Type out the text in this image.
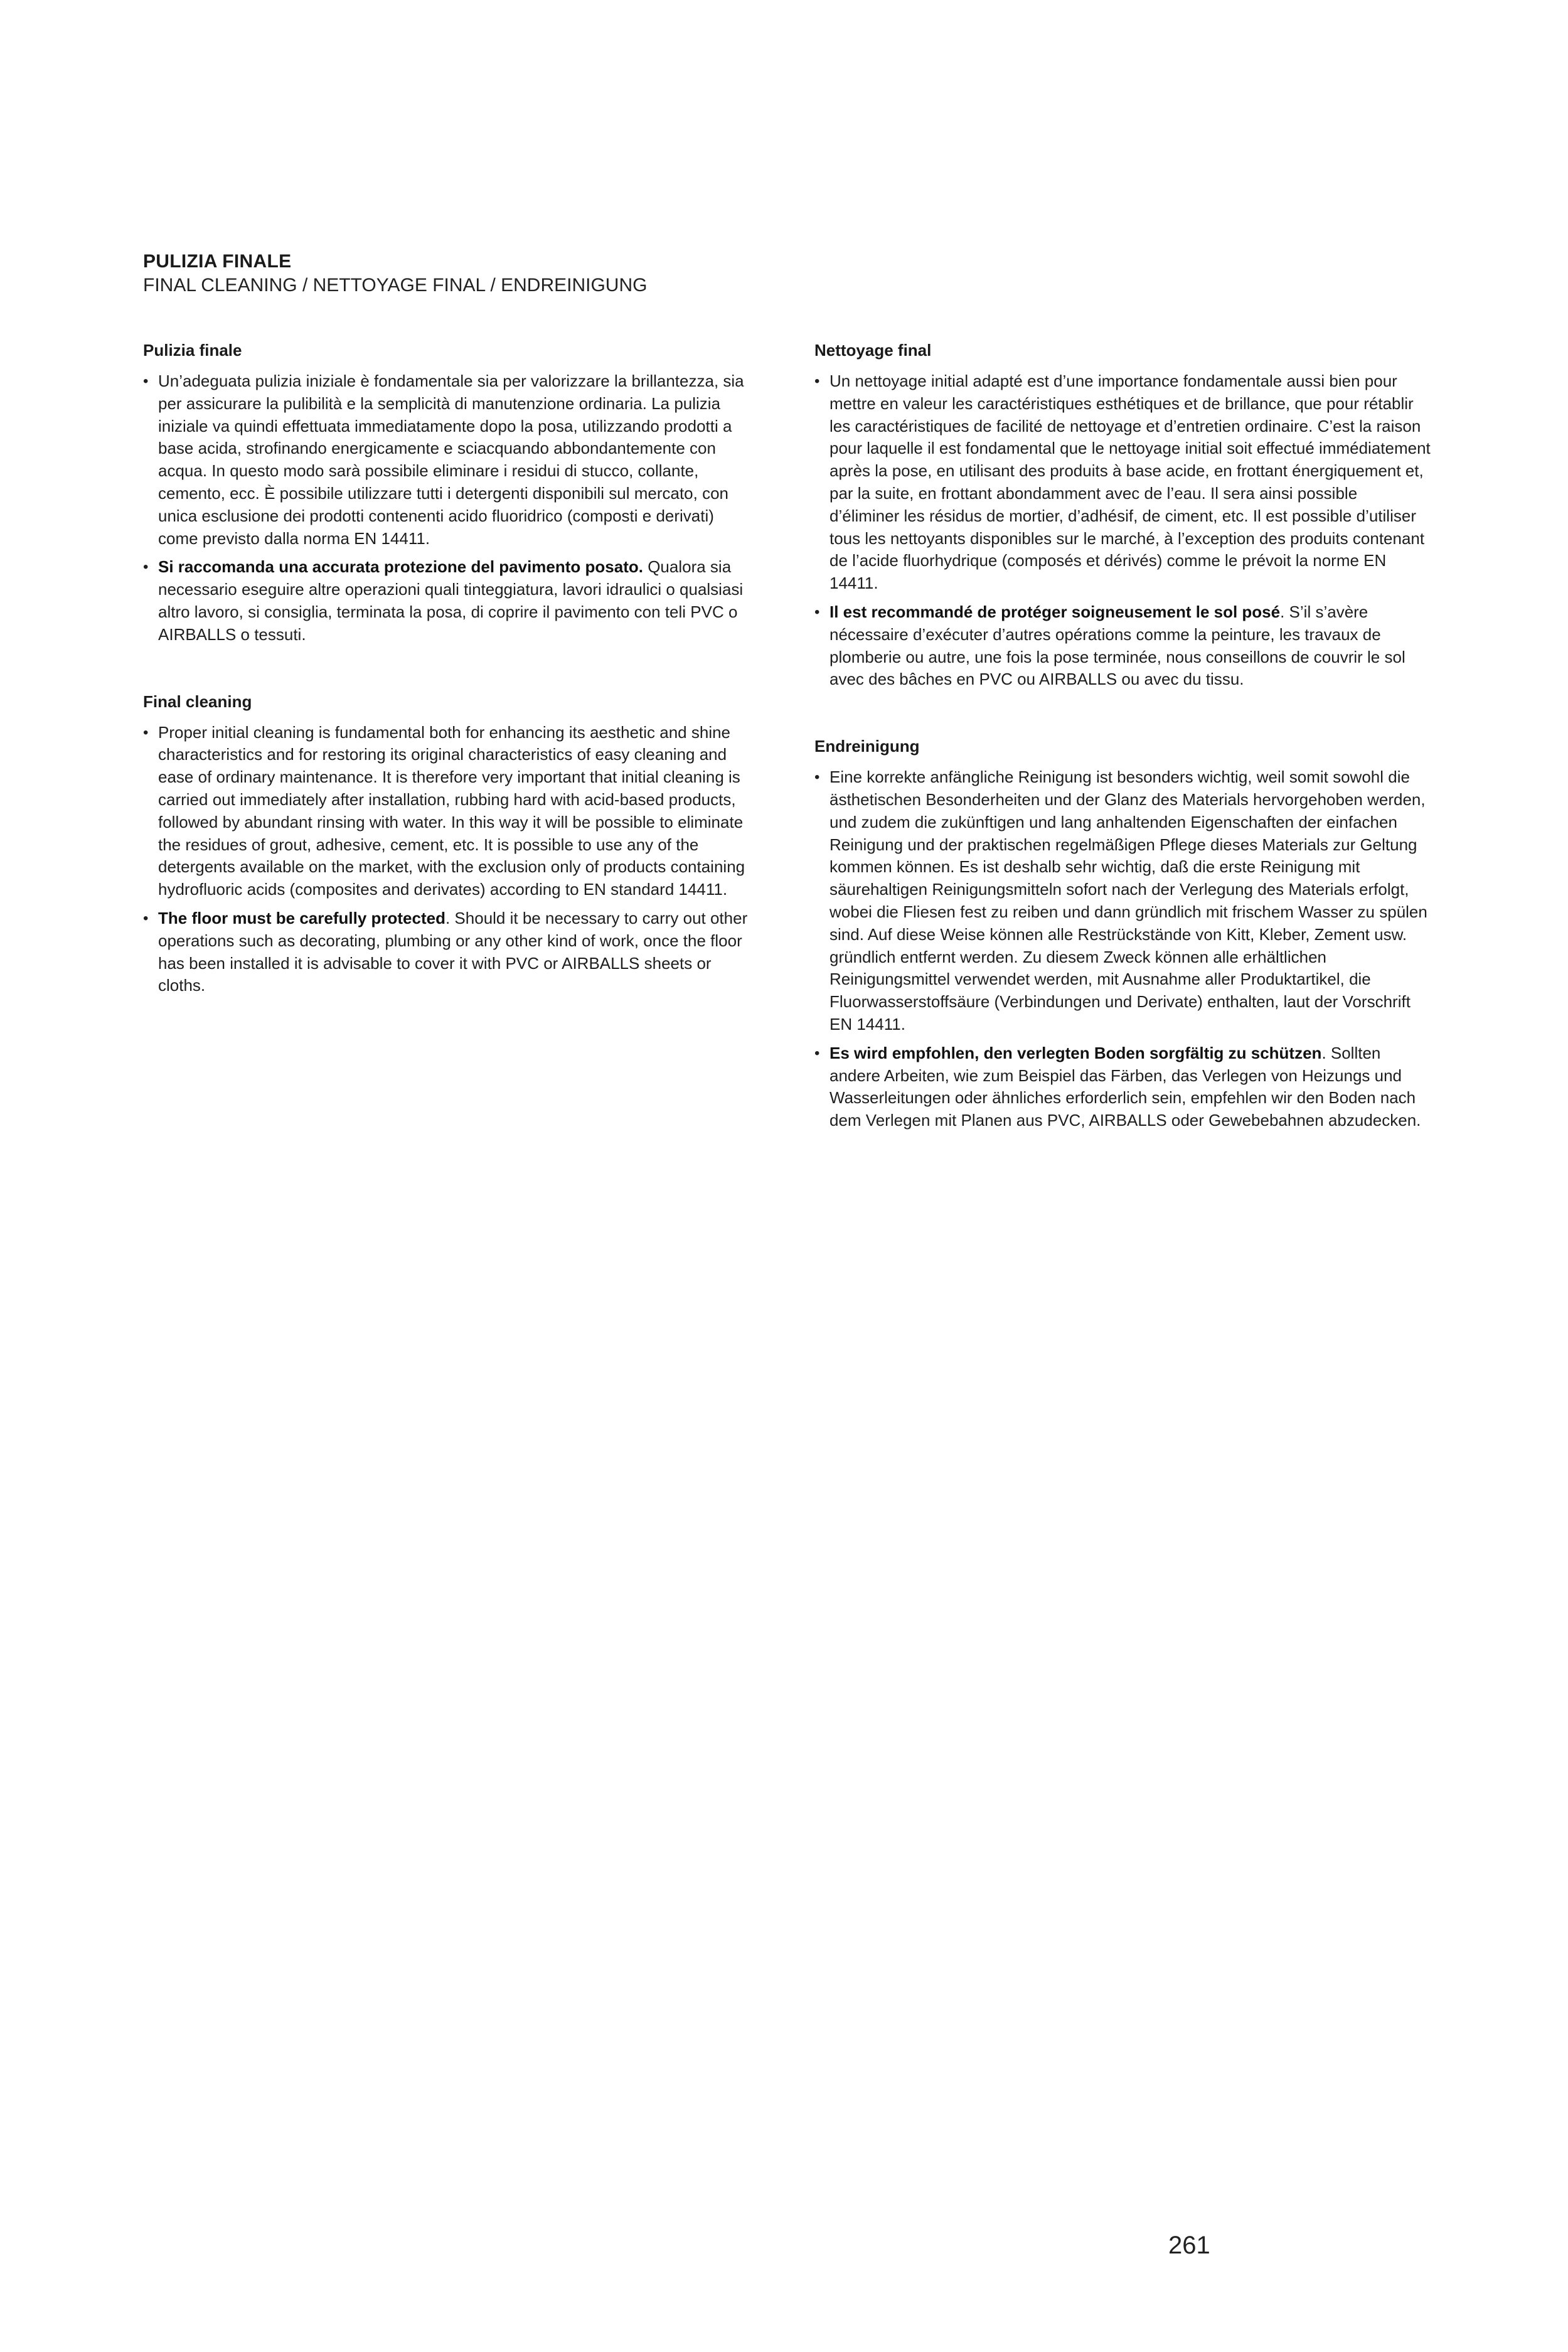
PULIZIA FINALE
FINAL CLEANING / NETTOYAGE FINAL / ENDREINIGUNG
Pulizia finale
• Un’adeguata pulizia iniziale è fondamentale sia per valorizzare la brillantezza, sia per assicurare la pulibilità e la semplicità di manutenzione ordinaria. La pulizia iniziale va quindi effettuata immediatamente dopo la posa, utilizzando prodotti a base acida, strofinando energicamente e sciacquando abbondantemente con acqua. In questo modo sarà possibile eliminare i residui di stucco, collante, cemento, ecc. È possibile utilizzare tutti i detergenti disponibili sul mercato, con unica esclusione dei prodotti contenenti acido fluoridrico (composti e derivati) come previsto dalla norma EN 14411.
• Si raccomanda una accurata protezione del pavimento posato. Qualora sia necessario eseguire altre operazioni quali tinteggiatura, lavori idraulici o qualsiasi altro lavoro, si consiglia, terminata la posa, di coprire il pavimento con teli PVC o AIRBALLS o tessuti.
Final cleaning
• Proper initial cleaning is fundamental both for enhancing its aesthetic and shine characteristics and for restoring its original characteristics of easy cleaning and ease of ordinary maintenance. It is therefore very important that initial cleaning is carried out immediately after installation, rubbing hard with acid-based products, followed by abundant rinsing with water. In this way it will be possible to eliminate the residues of grout, adhesive, cement, etc. It is possible to use any of the detergents available on the market, with the exclusion only of products containing hydrofluoric acids (composites and derivates) according to EN standard 14411.
• The floor must be carefully protected. Should it be necessary to carry out other operations such as decorating, plumbing or any other kind of work, once the floor has been installed it is advisable to cover it with PVC or AIRBALLS sheets or cloths.
Nettoyage final
• Un nettoyage initial adapté est d’une importance fondamentale aussi bien pour mettre en valeur les caractéristiques esthétiques et de brillance, que pour rétablir les caractéristiques de facilité de nettoyage et d’entretien ordinaire. C’est la raison pour laquelle il est fondamental que le nettoyage initial soit effectué immédiatement après la pose, en utilisant des produits à base acide, en frottant énergiquement et, par la suite, en frottant abondamment avec de l’eau. Il sera ainsi possible d’éliminer les résidus de mortier, d’adhésif, de ciment, etc. Il est possible d’utiliser tous les nettoyants disponibles sur le marché, à l’exception des produits contenant de l’acide fluorhydrique (composés et dérivés) comme le prévoit la norme EN 14411.
• Il est recommandé de protéger soigneusement le sol posé. S’il s’avère nécessaire d’exécuter d’autres opérations comme la peinture, les travaux de plomberie ou autre, une fois la pose terminée, nous conseillons de couvrir le sol avec des bâches en PVC ou AIRBALLS ou avec du tissu.
Endreinigung
• Eine korrekte anfängliche Reinigung ist besonders wichtig, weil somit sowohl die ästhetischen Besonderheiten und der Glanz des Materials hervorgehoben werden, und zudem die zukünftigen und lang anhaltenden Eigenschaften der einfachen Reinigung und der praktischen regelmäßigen Pflege dieses Materials zur Geltung kommen können. Es ist deshalb sehr wichtig, daß die erste Reinigung mit säurehaltigen Reinigungsmitteln sofort nach der Verlegung des Materials erfolgt, wobei die Fliesen fest zu reiben und dann gründlich mit frischem Wasser zu spülen sind. Auf diese Weise können alle Restrückstände von Kitt, Kleber, Zement usw. gründlich entfernt werden. Zu diesem Zweck können alle erhältlichen Reinigungsmittel verwendet werden, mit Ausnahme aller Produktartikel, die Fluorwasserstoffsäure (Verbindungen und Derivate) enthalten, laut der Vorschrift EN 14411.
• Es wird empfohlen, den verlegten Boden sorgfältig zu schützen. Sollten andere Arbeiten, wie zum Beispiel das Färben, das Verlegen von Heizungs und Wasserleitungen oder ähnliches erforderlich sein, empfehlen wir den Boden nach dem Verlegen mit Planen aus PVC, AIRBALLS oder Gewebebahnen abzudecken.
261
